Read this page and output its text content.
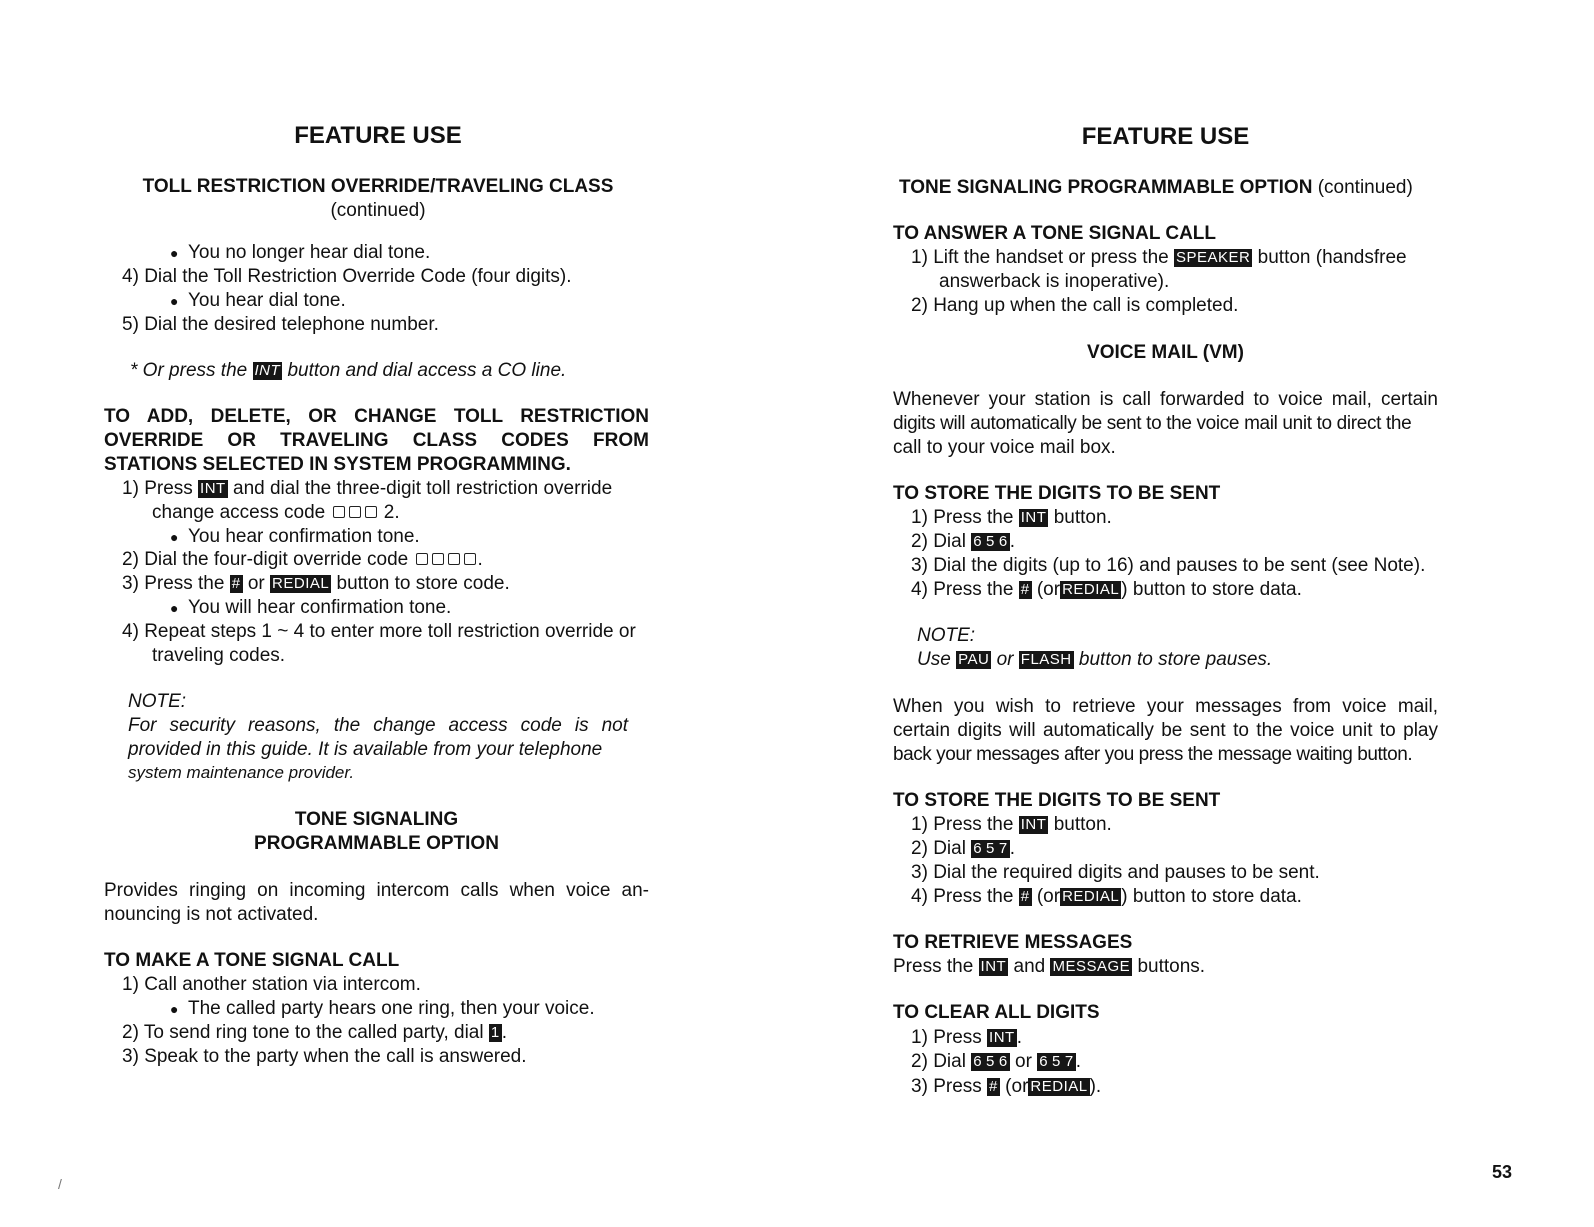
FEATURE USE
TOLL RESTRICTION OVERRIDE/TRAVELING CLASS
(continued)
● You no longer hear dial tone.
4) Dial the Toll Restriction Override Code (four digits).
● You hear dial tone.
5) Dial the desired telephone number.
* Or press the INT button and dial access a CO line.
TO ADD, DELETE, OR CHANGE TOLL RESTRICTION
OVERRIDE OR TRAVELING CLASS CODES FROM
STATIONS SELECTED IN SYSTEM PROGRAMMING.
1) Press INT and dial the three-digit toll restriction override
change access code	2.
● You hear confirmation tone.
2) Dial the four-digit override code	.
3) Press the # or REDIAL button to store code.
● You will hear confirmation tone.
4) Repeat steps 1 ~ 4 to enter more toll restriction override or
traveling codes.
NOTE:
For security reasons, the change access code is not
provided in this guide. It is available from your telephone
system maintenance provider.
TONE SIGNALING
PROGRAMMABLE OPTION
Provides ringing on incoming intercom calls when voice an-
nouncing is not activated.
TO MAKE A TONE SIGNAL CALL
1) Call another station via intercom.
● The called party hears one ring, then your voice.
2) To send ring tone to the called party, dial 1 .
3) Speak to the party when the call is answered.
FEATURE USE
TONE SIGNALING PROGRAMMABLE OPTION (continued)
TO ANSWER A TONE SIGNAL CALL
1) Lift the handset or press the SPEAKER button (handsfree
answerback is inoperative).
2) Hang up when the call is completed.
VOICE MAIL (VM)
Whenever your station is call forwarded to voice mail, certain
digits will automatically be sent to the voice mail unit to direct the
call to your voice mail box.
TO STORE THE DIGITS TO BE SENT
1) Press the INT button.
2) Dial 6 5 6 .
3) Dial the digits (up to 16) and pauses to be sent (see Note).
4) Press the # (or REDIAL ) button to store data.
NOTE:
Use PAU or FLASH button to store pauses.
When you wish to retrieve your messages from voice mail,
certain digits will automatically be sent to the voice unit to play
back your messages after you press the message waiting button.
TO STORE THE DIGITS TO BE SENT
1) Press the INT button.
2) Dial 6 5 7 .
3) Dial the required digits and pauses to be sent.
4) Press the # (or REDIAL ) button to store data.
TO RETRIEVE MESSAGES
Press the INT and MESSAGE buttons.
TO CLEAR ALL DIGITS
1) Press INT .
2) Dial 6 5 6 or 6 5 7 .
3) Press # (or REDIAL ).
53
/
